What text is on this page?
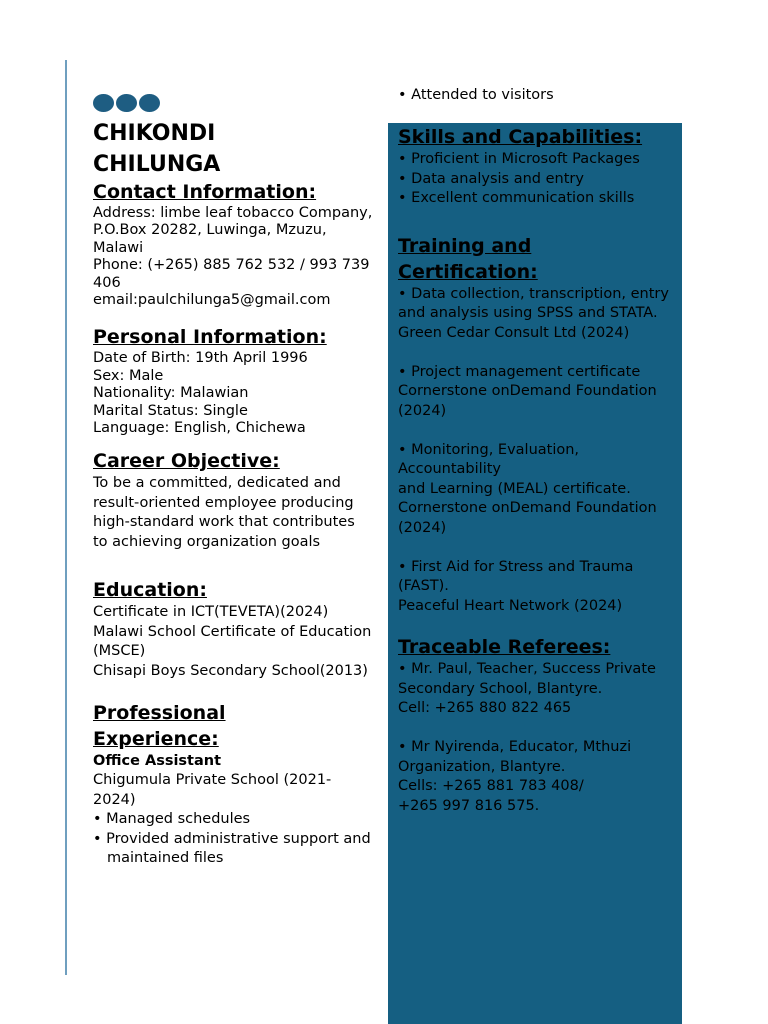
CHIKONDI
CHILUNGA
Contact Information:
Address: limbe leaf tobacco Company,
P.O.Box 20282, Luwinga, Mzuzu, Malawi
Phone: (+265) 885 762 532 / 993 739 406
email:paulchilunga5@gmail.com
Personal Information:
Date of Birth: 19th April 1996
Sex: Male
Nationality: Malawian
Marital Status: Single
Language: English, Chichewa
Career Objective:
To be a committed, dedicated and result-oriented employee producing high-standard work that contributes to achieving organization goals
Education:
Certificate in ICT(TEVETA)(2024)
Malawi School Certificate of Education (MSCE)
Chisapi Boys Secondary School(2013)
Professional
Experience:
Office Assistant
Chigumula Private School (2021-2024)
• Managed schedules
• Provided administrative support and maintained files
• Attended to visitors
Skills and Capabilities:
• Proficient in Microsoft Packages
• Data analysis and entry
• Excellent communication skills
Training and
Certification:
• Data collection, transcription, entry
and analysis using SPSS and STATA.
Green Cedar Consult Ltd (2024)
• Project management certificate
Cornerstone onDemand Foundation
(2024)
• Monitoring, Evaluation, Accountability
and Learning (MEAL) certificate.
Cornerstone onDemand Foundation
(2024)
• First Aid for Stress and Trauma (FAST).
Peaceful Heart Network (2024)
Traceable Referees:
• Mr. Paul, Teacher, Success Private
Secondary School, Blantyre.
Cell: +265 880 822 465
• Mr Nyirenda, Educator, Mthuzi
Organization, Blantyre.
Cells: +265 881 783 408/
+265 997 816 575.
